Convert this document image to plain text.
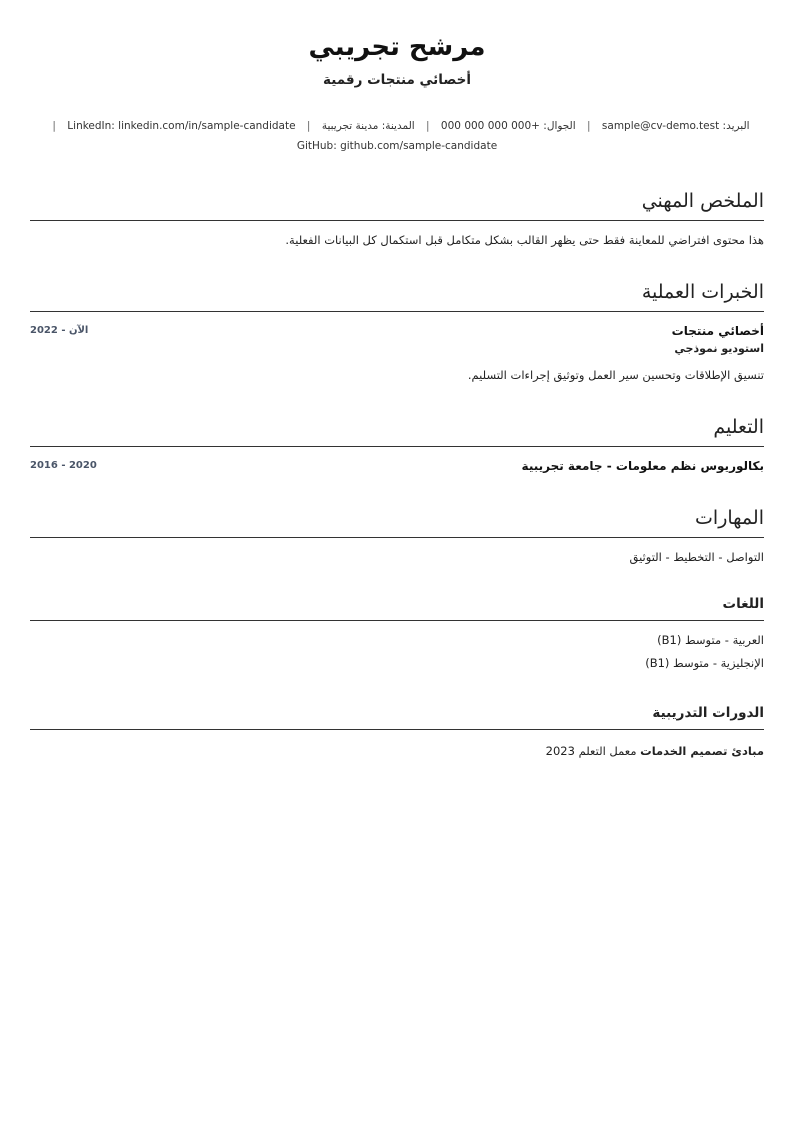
مرشح تجريبي
أخصائي منتجات رقمية
البريد: sample@cv-demo.test | الجوال: +000 000 000 000 | المدينة: مدينة تجريبية | LinkedIn: linkedin.com/in/sample-candidate |
GitHub: github.com/sample-candidate
الملخص المهني
هذا محتوى افتراضي للمعاينة فقط حتى يظهر القالب بشكل متكامل قبل استكمال كل البيانات الفعلية.
الخبرات العملية
أخصائي منتجات
استوديو نموذجي
2022 - الآن
تنسيق الإطلاقات وتحسين سير العمل وتوثيق إجراءات التسليم.
التعليم
بكالوريوس نظم معلومات - جامعة تجريبية
2016 - 2020
المهارات
التواصل - التخطيط - التوثيق
اللغات
العربية - متوسط (B1)
الإنجليزية - متوسط (B1)
الدورات التدريبية
مبادئ تصميم الخدمات معمل التعلم 2023
